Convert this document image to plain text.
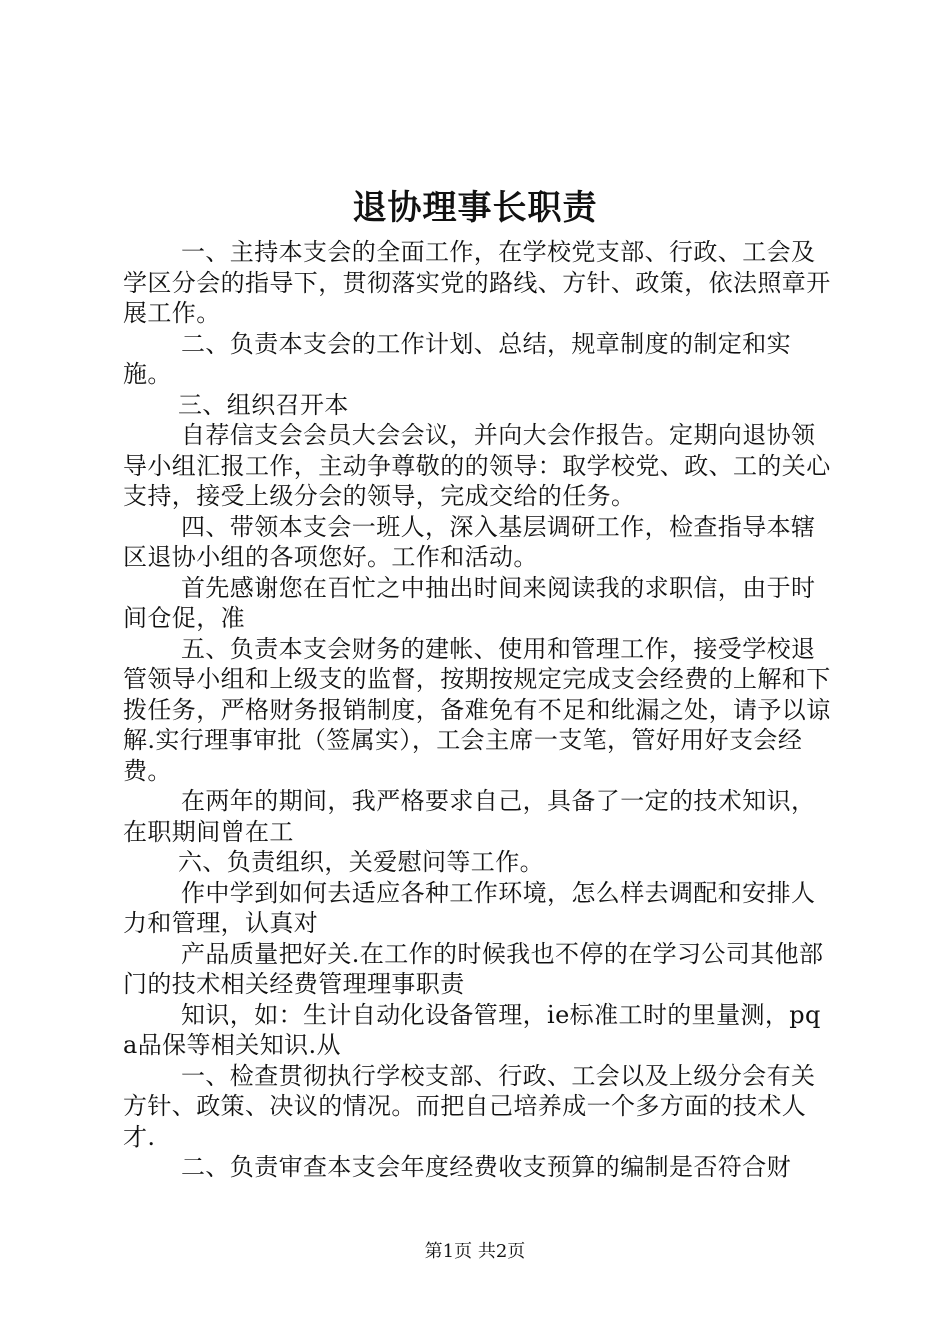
退协理事长职责

一、主持本支会的全面工作，在学校党支部、行政、工会及学区分会的指导下，贯彻落实党的路线、方针、政策，依法照章开展工作。

二、负责本支会的工作计划、总结，规章制度的制定和实施。

三、组织召开本

自荐信支会会员大会会议，并向大会作报告。定期向退协领导小组汇报工作，主动争尊敬的的领导：取学校党、政、工的关心支持，接受上级分会的领导，完成交给的任务。

四、带领本支会一班人，深入基层调研工作，检查指导本辖区退协小组的各项您好。工作和活动。

首先感谢您在百忙之中抽出时间来阅读我的求职信，由于时间仓促，准

五、负责本支会财务的建帐、使用和管理工作，接受学校退管领导小组和上级支的监督，按期按规定完成支会经费的上解和下拨任务，严格财务报销制度，备难免有不足和纰漏之处，请予以谅解.实行理事审批（签属实），工会主席一支笔，管好用好支会经费。

在两年的期间，我严格要求自己，具备了一定的技术知识，在职期间曾在工

六、负责组织，关爱慰问等工作。

作中学到如何去适应各种工作环境，怎么样去调配和安排人力和管理，认真对

产品质量把好关.在工作的时候我也不停的在学习公司其他部门的技术相关经费管理理事职责

知识，如：生计自动化设备管理，ie标准工时的里量测，pqa品保等相关知识.从

一、检查贯彻执行学校支部、行政、工会以及上级分会有关方针、政策、决议的情况。而把自己培养成一个多方面的技术人才.

二、负责审查本支会年度经费收支预算的编制是否符合财

第1页 共2页
